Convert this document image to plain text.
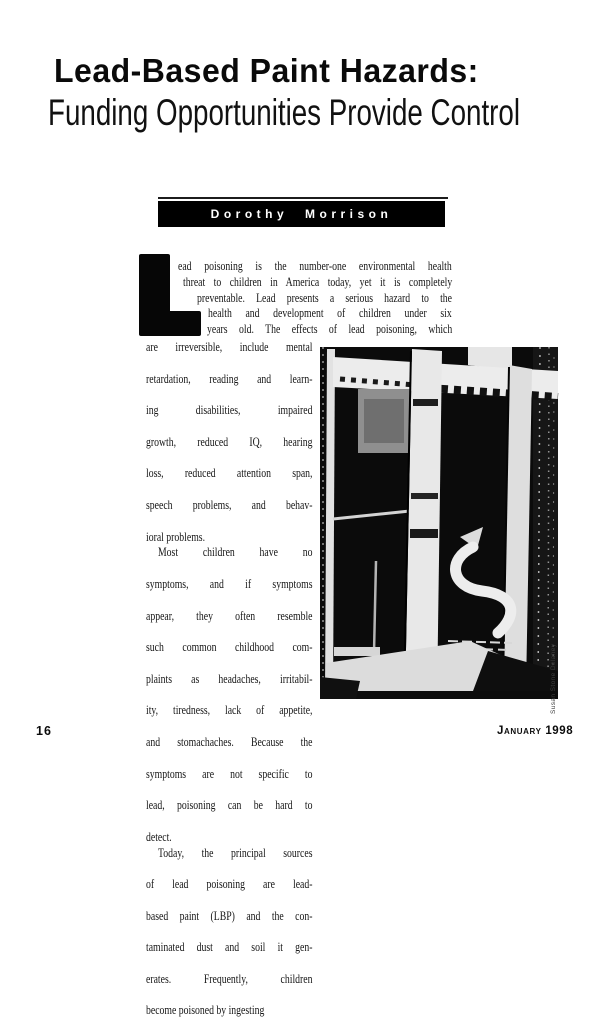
Lead-Based Paint Hazards:
Funding Opportunities Provide Control
Dorothy Morrison
ead poisoning is the number-one environmental health
threat to children in America today, yet it is completely
preventable. Lead presents a serious hazard to the
health and development of children under six
years old. The effects of lead poisoning, which
are irreversible, include mental
retardation, reading and learn-
ing disabilities, impaired
growth, reduced IQ, hearing
loss, reduced attention span,
speech problems, and behav-
ioral problems.
Most children have no
symptoms, and if symptoms
appear, they often resemble
such common childhood com-
plaints as headaches, irritabil-
ity, tiredness, lack of appetite,
and stomachaches. Because the
symptoms are not specific to
lead, poisoning can be hard to
detect.
Today, the principal sources
of lead poisoning are lead-
based paint (LBP) and the con-
taminated dust and soil it gen-
erates. Frequently, children
become poisoned by ingesting
Susan Stone Delaney
16	January 1998
